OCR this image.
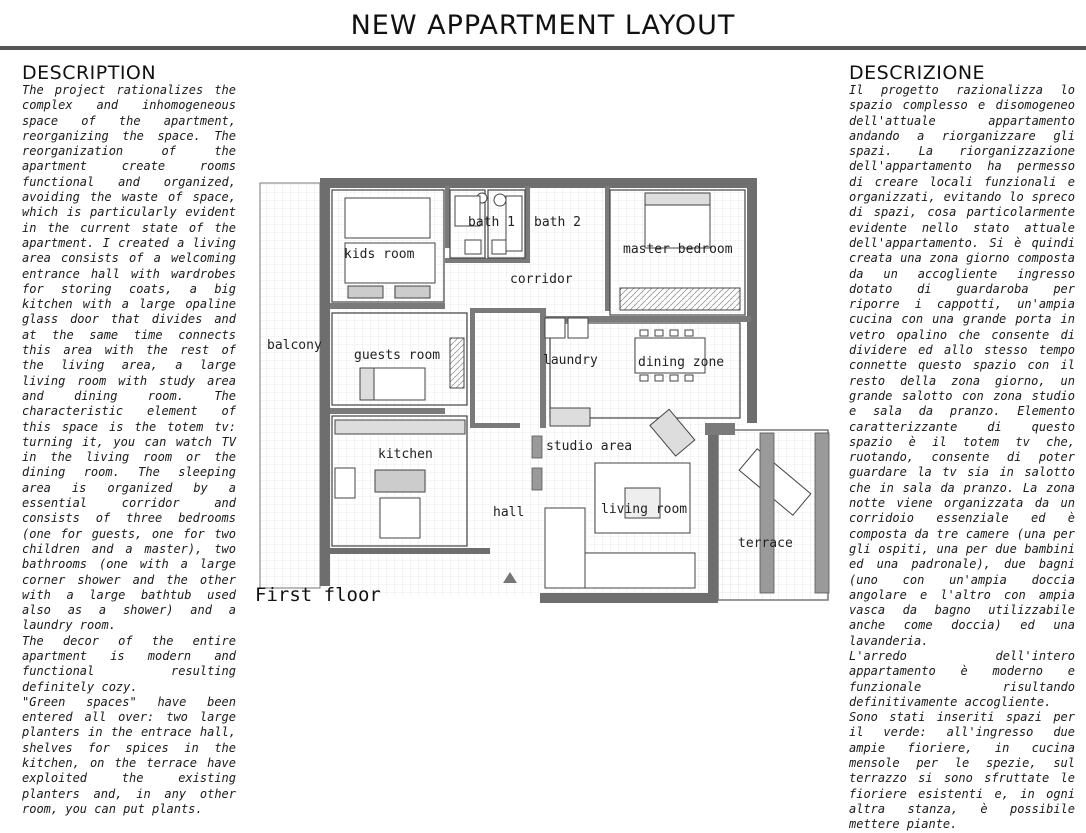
NEW APPARTMENT LAYOUT
DESCRIPTION

The project rationalizes the complex and inhomogeneous space of the apartment, reorganizing the space. The reorganization of the apartment create rooms functional and organized, avoiding the waste of space, which is particularly evident in the current state of the apartment. I created a living area consists of a welcoming entrance hall with wardrobes for storing coats, a big kitchen with a large opaline glass door that divides and at the same time connects this area with the rest of the living area, a large living room with study area and dining room. The characteristic element of this space is the totem tv: turning it, you can watch TV in the living room or the dining room. The sleeping area is organized by a essential corridor and consists of three bedrooms (one for guests, one for two children and a master), two bathrooms (one with a large corner shower and the other with a large bathtub used also as a shower) and a laundry room.

The decor of the entire apartment is modern and functional resulting definitely cozy.

"Green spaces" have been entered all over: two large planters in the entrace hall, shelves for spices in the kitchen, on the terrace have exploited the existing planters and, in any other room, you can put plants.

DESCRIZIONE

Il progetto razionalizza lo spazio complesso e disomogeneo dell'attuale appartamento andando a riorganizzare gli spazi. La riorganizzazione dell'appartamento ha permesso di creare locali funzionali e organizzati, evitando lo spreco di spazi, cosa particolarmente evidente nello stato attuale dell'appartamento. Si è quindi creata una zona giorno composta da un accogliente ingresso dotato di guardaroba per riporre i cappotti, un'ampia cucina con una grande porta in vetro opalino che consente di dividere ed allo stesso tempo connette questo spazio con il resto della zona giorno, un grande salotto con zona studio e sala da pranzo. Elemento caratterizzante di questo spazio è il totem tv che, ruotando, consente di poter guardare la tv sia in salotto che in sala da pranzo. La zona notte viene organizzata da un corridoio essenziale ed è composta da tre camere (una per gli ospiti, una per due bambini ed una padronale), due bagni (uno con un'ampia doccia angolare e l'altro con ampia vasca da bagno utilizzabile anche come doccia) ed una lavanderia.

L'arredo dell'intero appartamento è moderno e funzionale risultando definitivamente accogliente.

Sono stati inseriti spazi per il verde: all'ingresso due ampie fioriere, in cucina mensole per le spezie, sul terrazzo si sono sfruttate le fioriere esistenti e, in ogni altra stanza, è possibile mettere piante.

kids room
bath 1 bath 2
master bedroom
corridor
balcony
guests room	laundry	dining zone
studio area
kitchen
hall	living room
terrace
First floor
